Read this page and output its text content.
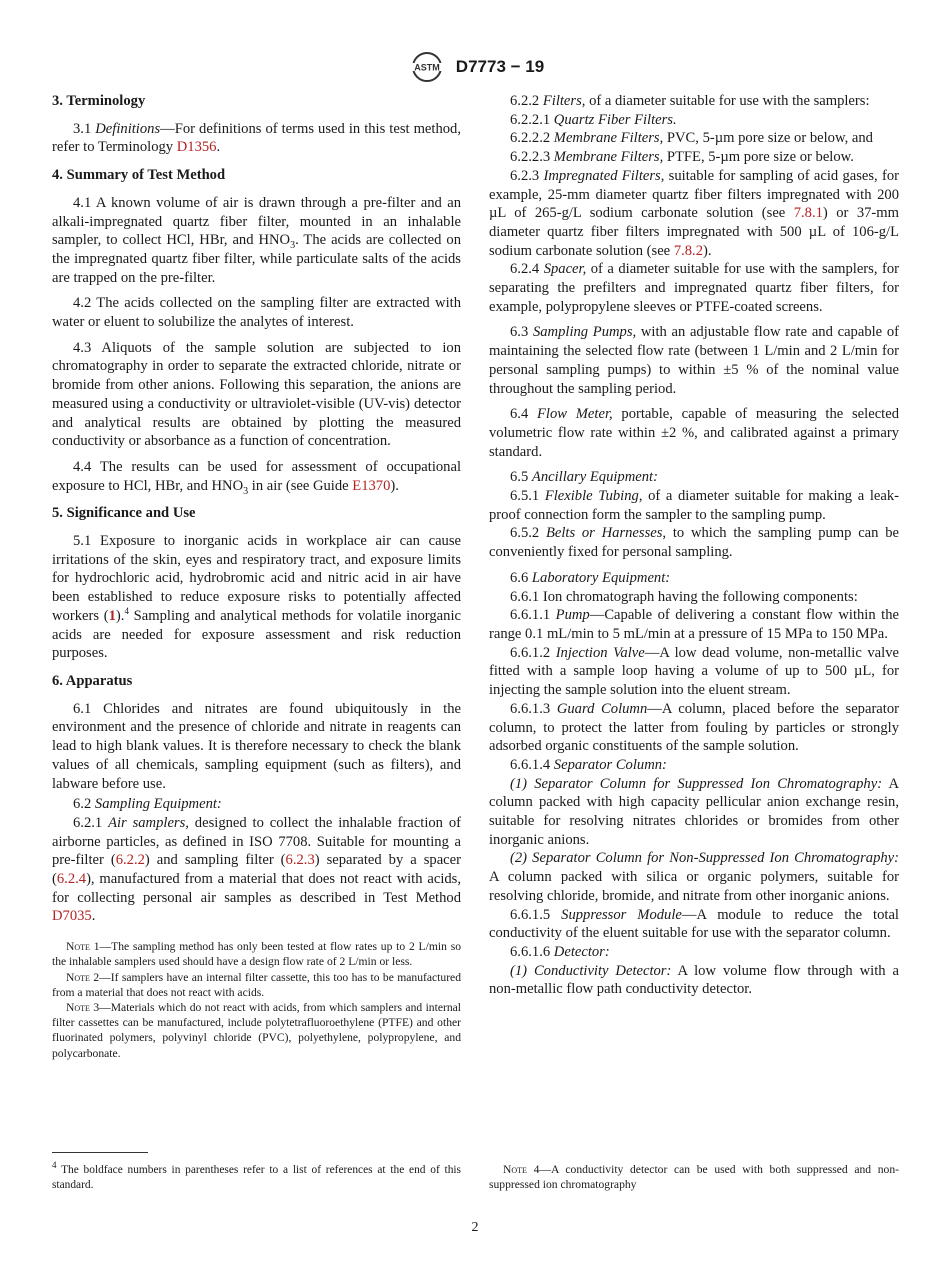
ASTM D7773 − 19

3. Terminology

3.1 Definitions—For definitions of terms used in this test method, refer to Terminology D1356.

4. Summary of Test Method

4.1 A known volume of air is drawn through a pre-filter and an alkali-impregnated quartz fiber filter, mounted in an inhalable sampler, to collect HCl, HBr, and $HNO_3$. The acids are collected on the impregnated quartz fiber filter, while particulate salts of the acids are trapped on the pre-filter.

4.2 The acids collected on the sampling filter are extracted with water or eluent to solubilize the analytes of interest.

4.3 Aliquots of the sample solution are subjected to ion chromatography in order to separate the extracted chloride, nitrate or bromide from other anions. Following this separation, the anions are measured using a conductivity or ultraviolet-visible (UV-vis) detector and analytical results are obtained by plotting the measured conductivity or absorbance as a function of concentration.

4.4 The results can be used for assessment of occupational exposure to HCl, HBr, and $HNO_3$ in air (see Guide E1370).

5. Significance and Use

5.1 Exposure to inorganic acids in workplace air can cause irritations of the skin, eyes and respiratory tract, and exposure limits for hydrochloric acid, hydrobromic acid and nitric acid in air have been established to reduce exposure risks to potentially affected workers (1).$^4$ Sampling and analytical methods for volatile inorganic acids are needed for exposure assessment and risk reduction purposes.

6. Apparatus

6.1 Chlorides and nitrates are found ubiquitously in the environment and the presence of chloride and nitrate in reagents can lead to high blank values. It is therefore necessary to check the blank values of all chemicals, sampling equipment (such as filters), and labware before use.

6.2 Sampling Equipment:

6.2.1 Air samplers, designed to collect the inhalable fraction of airborne particles, as defined in ISO 7708. Suitable for mounting a pre-filter (6.2.2) and sampling filter (6.2.3) separated by a spacer (6.2.4), manufactured from a material that does not react with acids, for collecting personal air samples as described in Test Method D7035.

Note 1—The sampling method has only been tested at flow rates up to 2 L/min so the inhalable samplers used should have a design flow rate of 2 L/min or less.

Note 2—If samplers have an internal filter cassette, this too has to be manufactured from a material that does not react with acids.

Note 3—Materials which do not react with acids, from which samplers and internal filter cassettes can be manufactured, include polytetrafluoroethylene (PTFE) and other fluorinated polymers, polyvinyl chloride (PVC), polyethylene, polypropylene, and polycarbonate.

$^4$ The boldface numbers in parentheses refer to a list of references at the end of this standard.

6.2.2 Filters, of a diameter suitable for use with the samplers:

6.2.2.1 Quartz Fiber Filters.

6.2.2.2 Membrane Filters, PVC, 5-µm pore size or below, and

6.2.2.3 Membrane Filters, PTFE, 5-µm pore size or below.

6.2.3 Impregnated Filters, suitable for sampling of acid gases, for example, 25-mm diameter quartz fiber filters impregnated with 200 µL of 265-g/L sodium carbonate solution (see 7.8.1) or 37-mm diameter quartz fiber filters impregnated with 500 µL of 106-g/L sodium carbonate solution (see 7.8.2).

6.2.4 Spacer, of a diameter suitable for use with the samplers, for separating the prefilters and impregnated quartz fiber filters, for example, polypropylene sleeves or PTFE-coated screens.

6.3 Sampling Pumps, with an adjustable flow rate and capable of maintaining the selected flow rate (between 1 L/min and 2 L/min for personal sampling pumps) to within ±5 % of the nominal value throughout the sampling period.

6.4 Flow Meter, portable, capable of measuring the selected volumetric flow rate within ±2 %, and calibrated against a primary standard.

6.5 Ancillary Equipment:

6.5.1 Flexible Tubing, of a diameter suitable for making a leak-proof connection form the sampler to the sampling pump.

6.5.2 Belts or Harnesses, to which the sampling pump can be conveniently fixed for personal sampling.

6.6 Laboratory Equipment:

6.6.1 Ion chromatograph having the following components:

6.6.1.1 Pump—Capable of delivering a constant flow within the range 0.1 mL/min to 5 mL/min at a pressure of 15 MPa to 150 MPa.

6.6.1.2 Injection Valve—A low dead volume, non-metallic valve fitted with a sample loop having a volume of up to 500 µL, for injecting the sample solution into the eluent stream.

6.6.1.3 Guard Column—A column, placed before the separator column, to protect the latter from fouling by particles or strongly adsorbed organic constituents of the sample solution.

6.6.1.4 Separator Column:

(1) Separator Column for Suppressed Ion Chromatography: A column packed with high capacity pellicular anion exchange resin, suitable for resolving nitrates chlorides or bromides from other inorganic anions.

(2) Separator Column for Non-Suppressed Ion Chromatography: A column packed with silica or organic polymers, suitable for resolving chloride, bromide, and nitrate from other inorganic anions.

6.6.1.5 Suppressor Module—A module to reduce the total conductivity of the eluent suitable for use with the separator column.

6.6.1.6 Detector:

(1) Conductivity Detector: A low volume flow through with a non-metallic flow path conductivity detector.

Note 4—A conductivity detector can be used with both suppressed and non-suppressed ion chromatography
2
